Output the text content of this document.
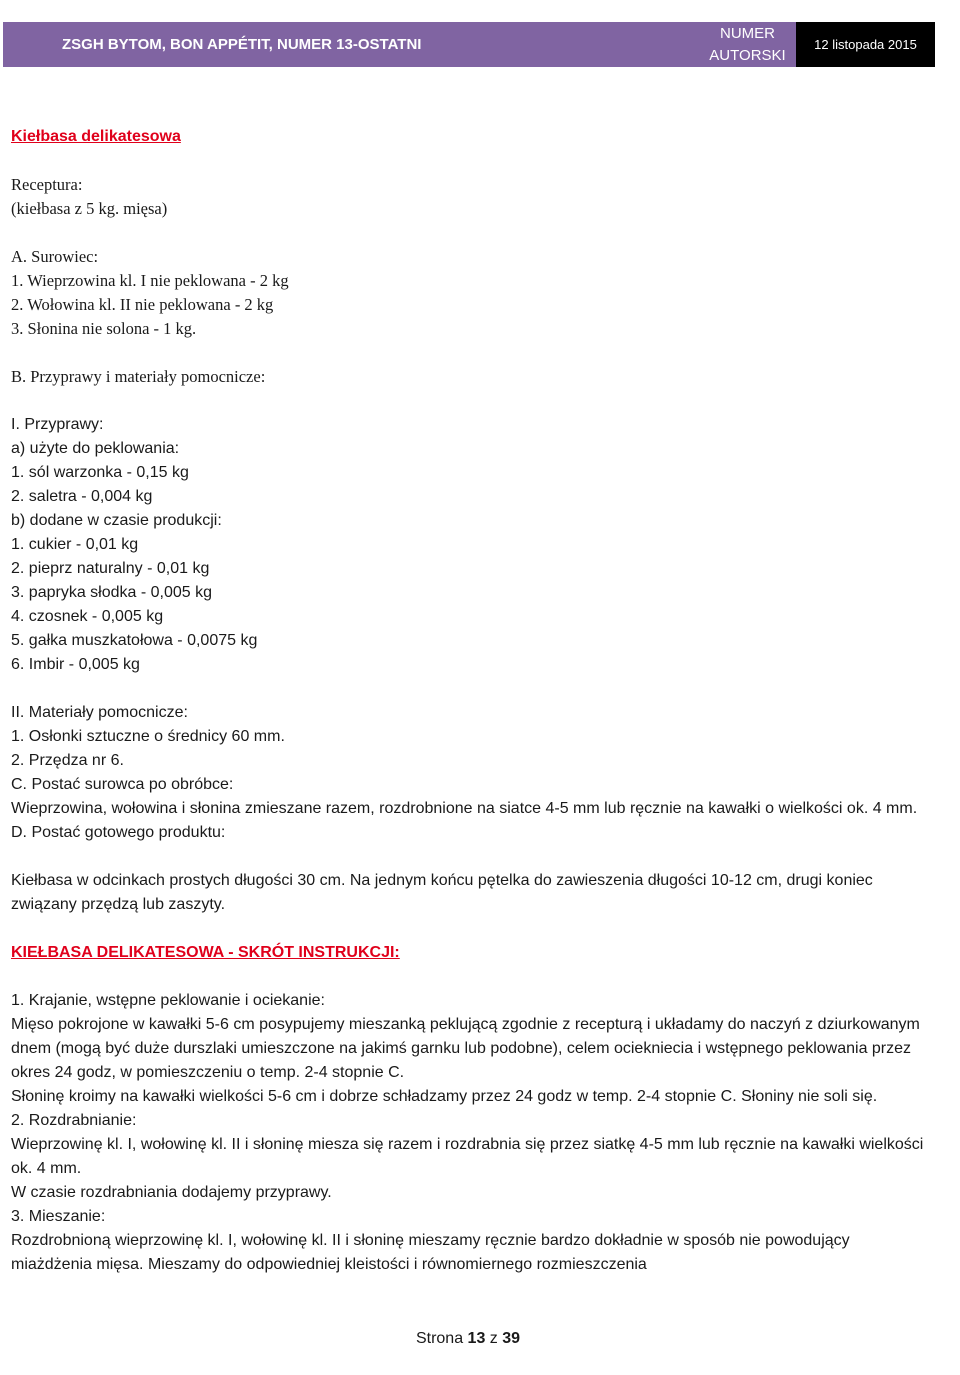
ZSGH BYTOM, BON APPÉTIT, NUMER 13-OSTATNI
NUMER
AUTORSKI
12 listopada 2015

Kiełbasa delikatesowa

Receptura:

(kiełbasa z 5 kg. mięsa)

A. Surowiec:

1. Wieprzowina kl. I nie peklowana - 2 kg

2. Wołowina kl. II nie peklowana - 2 kg

3. Słonina nie solona - 1 kg.

B. Przyprawy i materiały pomocnicze:

I. Przyprawy:

a) użyte do peklowania:

1. sól warzonka - 0,15 kg

2. saletra - 0,004 kg

b) dodane w czasie produkcji:

1. cukier - 0,01 kg

2. pieprz naturalny - 0,01 kg

3. papryka słodka - 0,005 kg

4. czosnek - 0,005 kg

5. gałka muszkatołowa - 0,0075 kg

6. Imbir - 0,005 kg

II. Materiały pomocnicze:

1. Osłonki sztuczne o średnicy 60 mm.

2. Przędza nr 6.

C. Postać surowca po obróbce:

Wieprzowina, wołowina i słonina zmieszane razem, rozdrobnione na siatce 4-5 mm lub ręcznie na kawałki o wielkości ok. 4 mm.

D. Postać gotowego produktu:

Kiełbasa w odcinkach prostych długości 30 cm. Na jednym końcu pętelka do zawieszenia długości 10-12 cm, drugi koniec związany przędzą lub zaszyty.

KIEŁBASA DELIKATESOWA - SKRÓT INSTRUKCJI:

1. Krajanie, wstępne peklowanie i ociekanie:

Mięso pokrojone w kawałki 5-6 cm posypujemy mieszanką peklującą zgodnie z recepturą i układamy do naczyń z dziurkowanym dnem (mogą być duże durszlaki umieszczone na jakimś garnku lub podobne), celem ociekniecia i wstępnego peklowania przez okres 24 godz, w pomieszczeniu o temp. 2-4 stopnie C.

Słoninę kroimy na kawałki wielkości 5-6 cm i dobrze schładzamy przez 24 godz w temp. 2-4 stopnie C. Słoniny nie soli się.

2. Rozdrabnianie:

Wieprzowinę kl. I, wołowinę kl. II i słoninę miesza się razem i rozdrabnia się przez siatkę 4-5 mm lub ręcznie na kawałki wielkości ok. 4 mm.

W czasie rozdrabniania dodajemy przyprawy.

3. Mieszanie:

Rozdrobnioną wieprzowinę kl. I, wołowinę kl. II i słoninę mieszamy ręcznie bardzo dokładnie w sposób nie powodujący miażdżenia mięsa. Mieszamy do odpowiedniej kleistości i równomiernego rozmieszczenia

Strona 13 z 39
